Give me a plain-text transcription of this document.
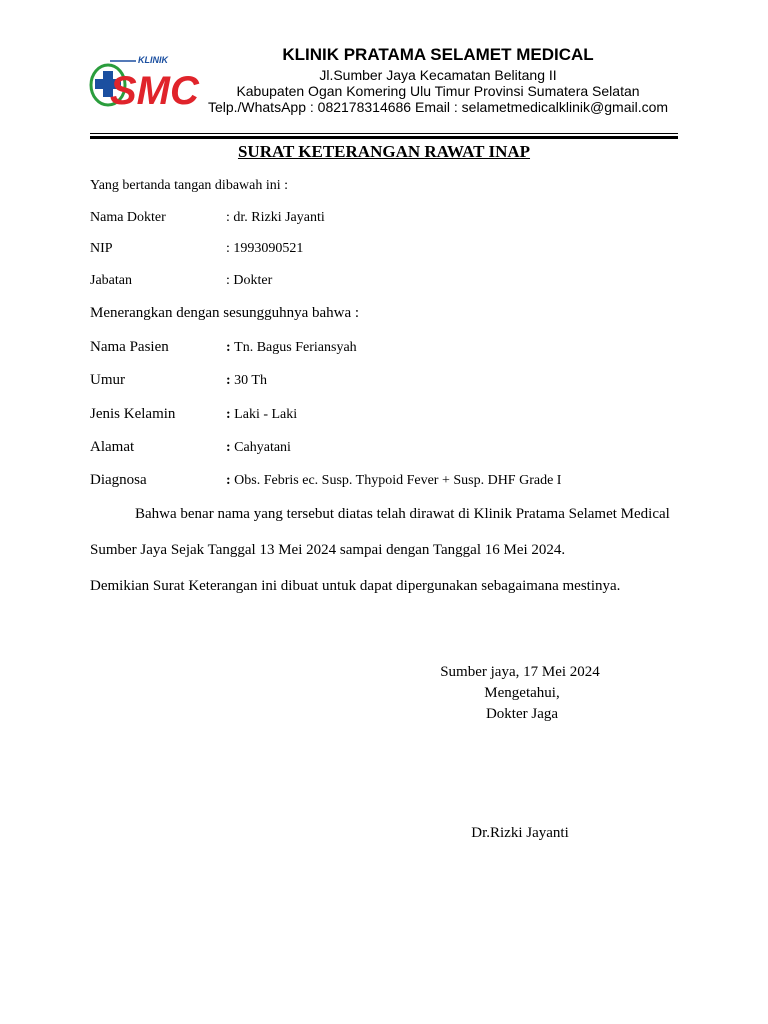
KLINIK
SMC
KLINIK PRATAMA SELAMET MEDICAL
Jl.Sumber Jaya Kecamatan Belitang II
Kabupaten Ogan Komering Ulu Timur Provinsi Sumatera Selatan
Telp./WhatsApp : 082178314686 Email : selametmedicalklinik@gmail.com
SURAT KETERANGAN RAWAT INAP
Yang bertanda tangan dibawah ini :
Nama Dokter	: dr. Rizki Jayanti
NIP	: 1993090521
Jabatan	: Dokter
Menerangkan dengan sesungguhnya bahwa :
Nama Pasien	: Tn. Bagus Feriansyah
Umur	: 30 Th
Jenis Kelamin	: Laki - Laki
Alamat	: Cahyatani
Diagnosa	: Obs. Febris ec. Susp. Thypoid Fever + Susp. DHF Grade I
Bahwa benar nama yang tersebut diatas telah dirawat di Klinik Pratama Selamet Medical
Sumber Jaya Sejak Tanggal 13 Mei 2024 sampai dengan Tanggal 16 Mei 2024.
Demikian Surat Keterangan ini dibuat untuk dapat dipergunakan sebagaimana mestinya.
Sumber jaya, 17 Mei 2024
Mengetahui,
Dokter Jaga
Dr.Rizki Jayanti
